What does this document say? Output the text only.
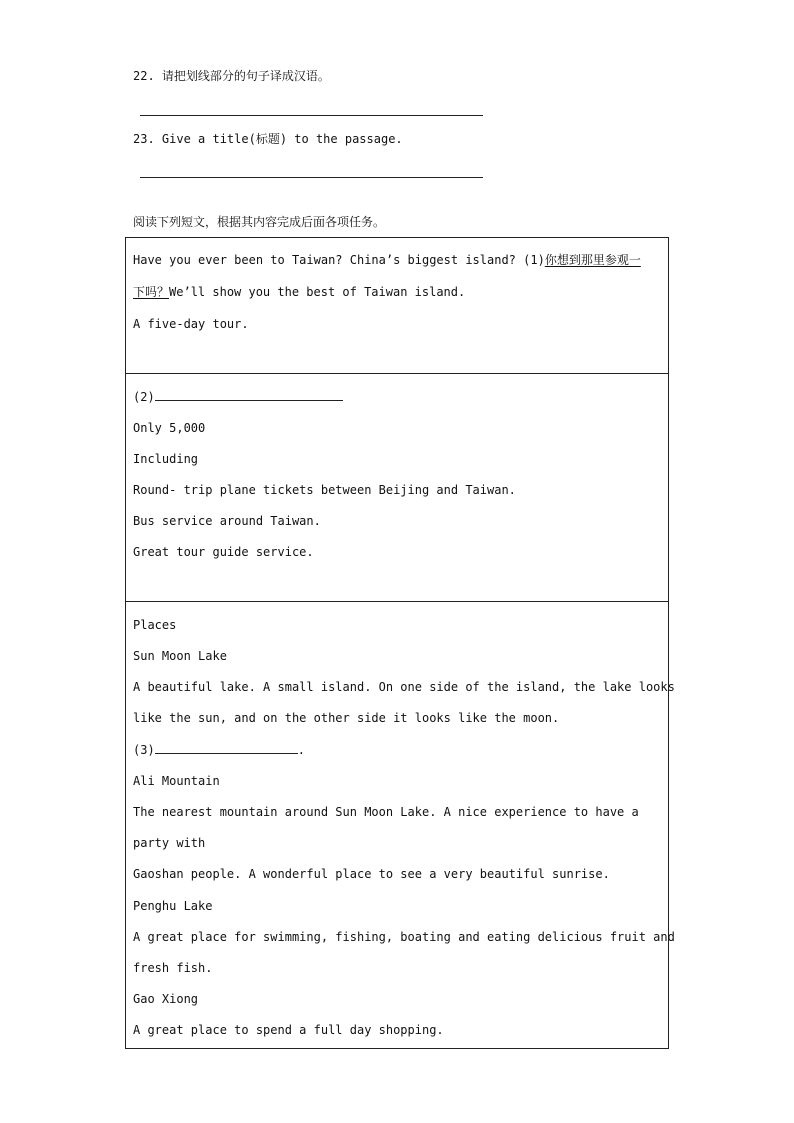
22. 请把划线部分的句子译成汉语。
23. Give a title(标题) to the passage.
阅读下列短文，根据其内容完成后面各项任务。
Have you ever been to Taiwan? China’s biggest island? (1)你想到那里参观一
下吗？We’ll show you the best of Taiwan island.
A five-day tour.
(2)
Only 5,000
Including
Round- trip plane tickets between Beijing and Taiwan.
Bus service around Taiwan.
Great tour guide service.
Places
Sun Moon Lake
A beautiful lake. A small island. On one side of the island, the lake looks
like the sun, and on the other side it looks like the moon.
(3)	.
Ali Mountain
The nearest mountain around Sun Moon Lake. A nice experience to have a
party with
Gaoshan people. A wonderful place to see a very beautiful sunrise.
Penghu Lake
A great place for swimming, fishing, boating and eating delicious fruit and
fresh fish.
Gao Xiong
A great place to spend a full day shopping.
